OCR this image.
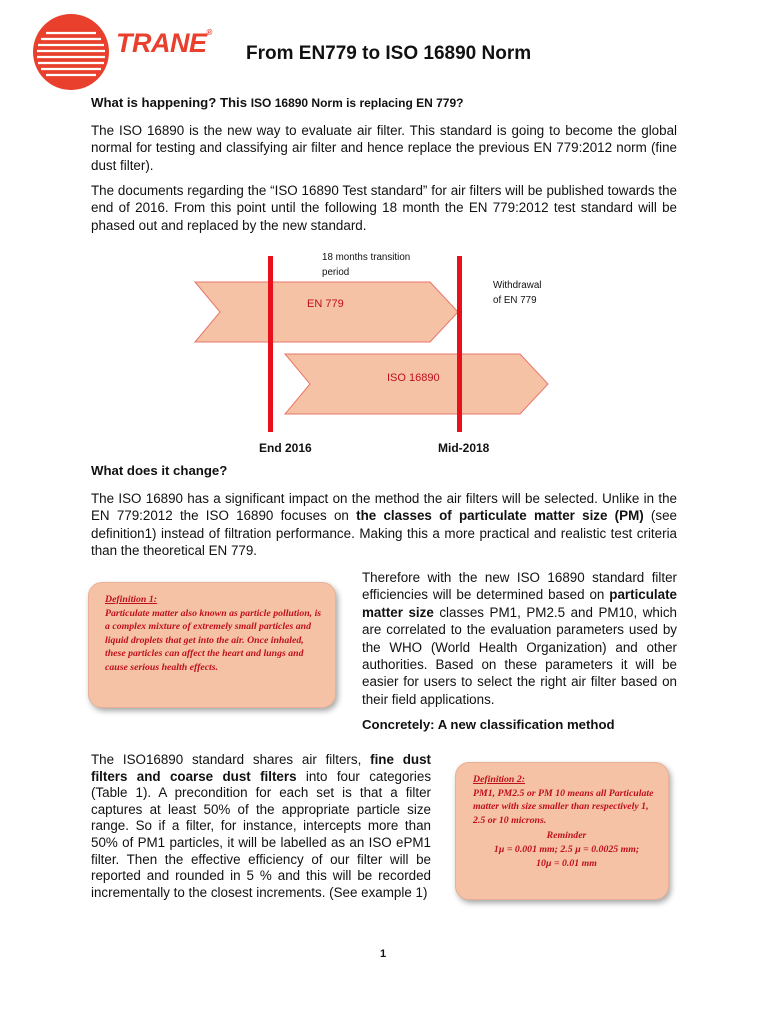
TRANE®
From EN779 to ISO 16890 Norm
What is happening? This ISO 16890 Norm is replacing EN 779?
The ISO 16890 is the new way to evaluate air filter. This standard is going to become the global normal for testing and classifying air filter and hence replace the previous EN 779:2012 norm (fine dust filter).
The documents regarding the “ISO 16890 Test standard” for air filters will be published towards the end of 2016. From this point until the following 18 month the EN 779:2012 test standard will be phased out and replaced by the new standard.
18 months transition
period
Withdrawal
of EN 779
EN 779
ISO 16890
End 2016	Mid-2018
What does it change?
The ISO 16890 has a significant impact on the method the air filters will be selected. Unlike in the EN 779:2012 the ISO 16890 focuses on the classes of particulate matter size (PM) (see definition1) instead of filtration performance. Making this a more practical and realistic test criteria than the theoretical EN 779.
Definition 1:
Particulate matter also known as particle pollution, is a complex mixture of extremely small particles and liquid droplets that get into the air. Once inhaled, these particles can affect the heart and lungs and cause serious health effects.
Therefore with the new ISO 16890 standard filter efficiencies will be determined based on particulate matter size classes PM1, PM2.5 and PM10, which are correlated to the evaluation parameters used by the WHO (World Health Organization) and other authorities. Based on these parameters it will be easier for users to select the right air filter based on their field applications.
Concretely: A new classification method
The ISO16890 standard shares air filters, fine dust filters and coarse dust filters into four categories (Table 1). A precondition for each set is that a filter captures at least 50% of the appropriate particle size range. So if a filter, for instance, intercepts more than 50% of PM1 particles, it will be labelled as an ISO ePM1 filter. Then the effective efficiency of our filter will be reported and rounded in 5 % and this will be recorded incrementally to the closest increments. (See example 1)
Definition 2:
PM1, PM2.5 or PM 10 means all Particulate matter with size smaller than respectively 1, 2.5 or 10 microns.
Reminder
1µ = 0.001 mm; 2.5 µ = 0.0025 mm;
10µ = 0.01 mm
1
